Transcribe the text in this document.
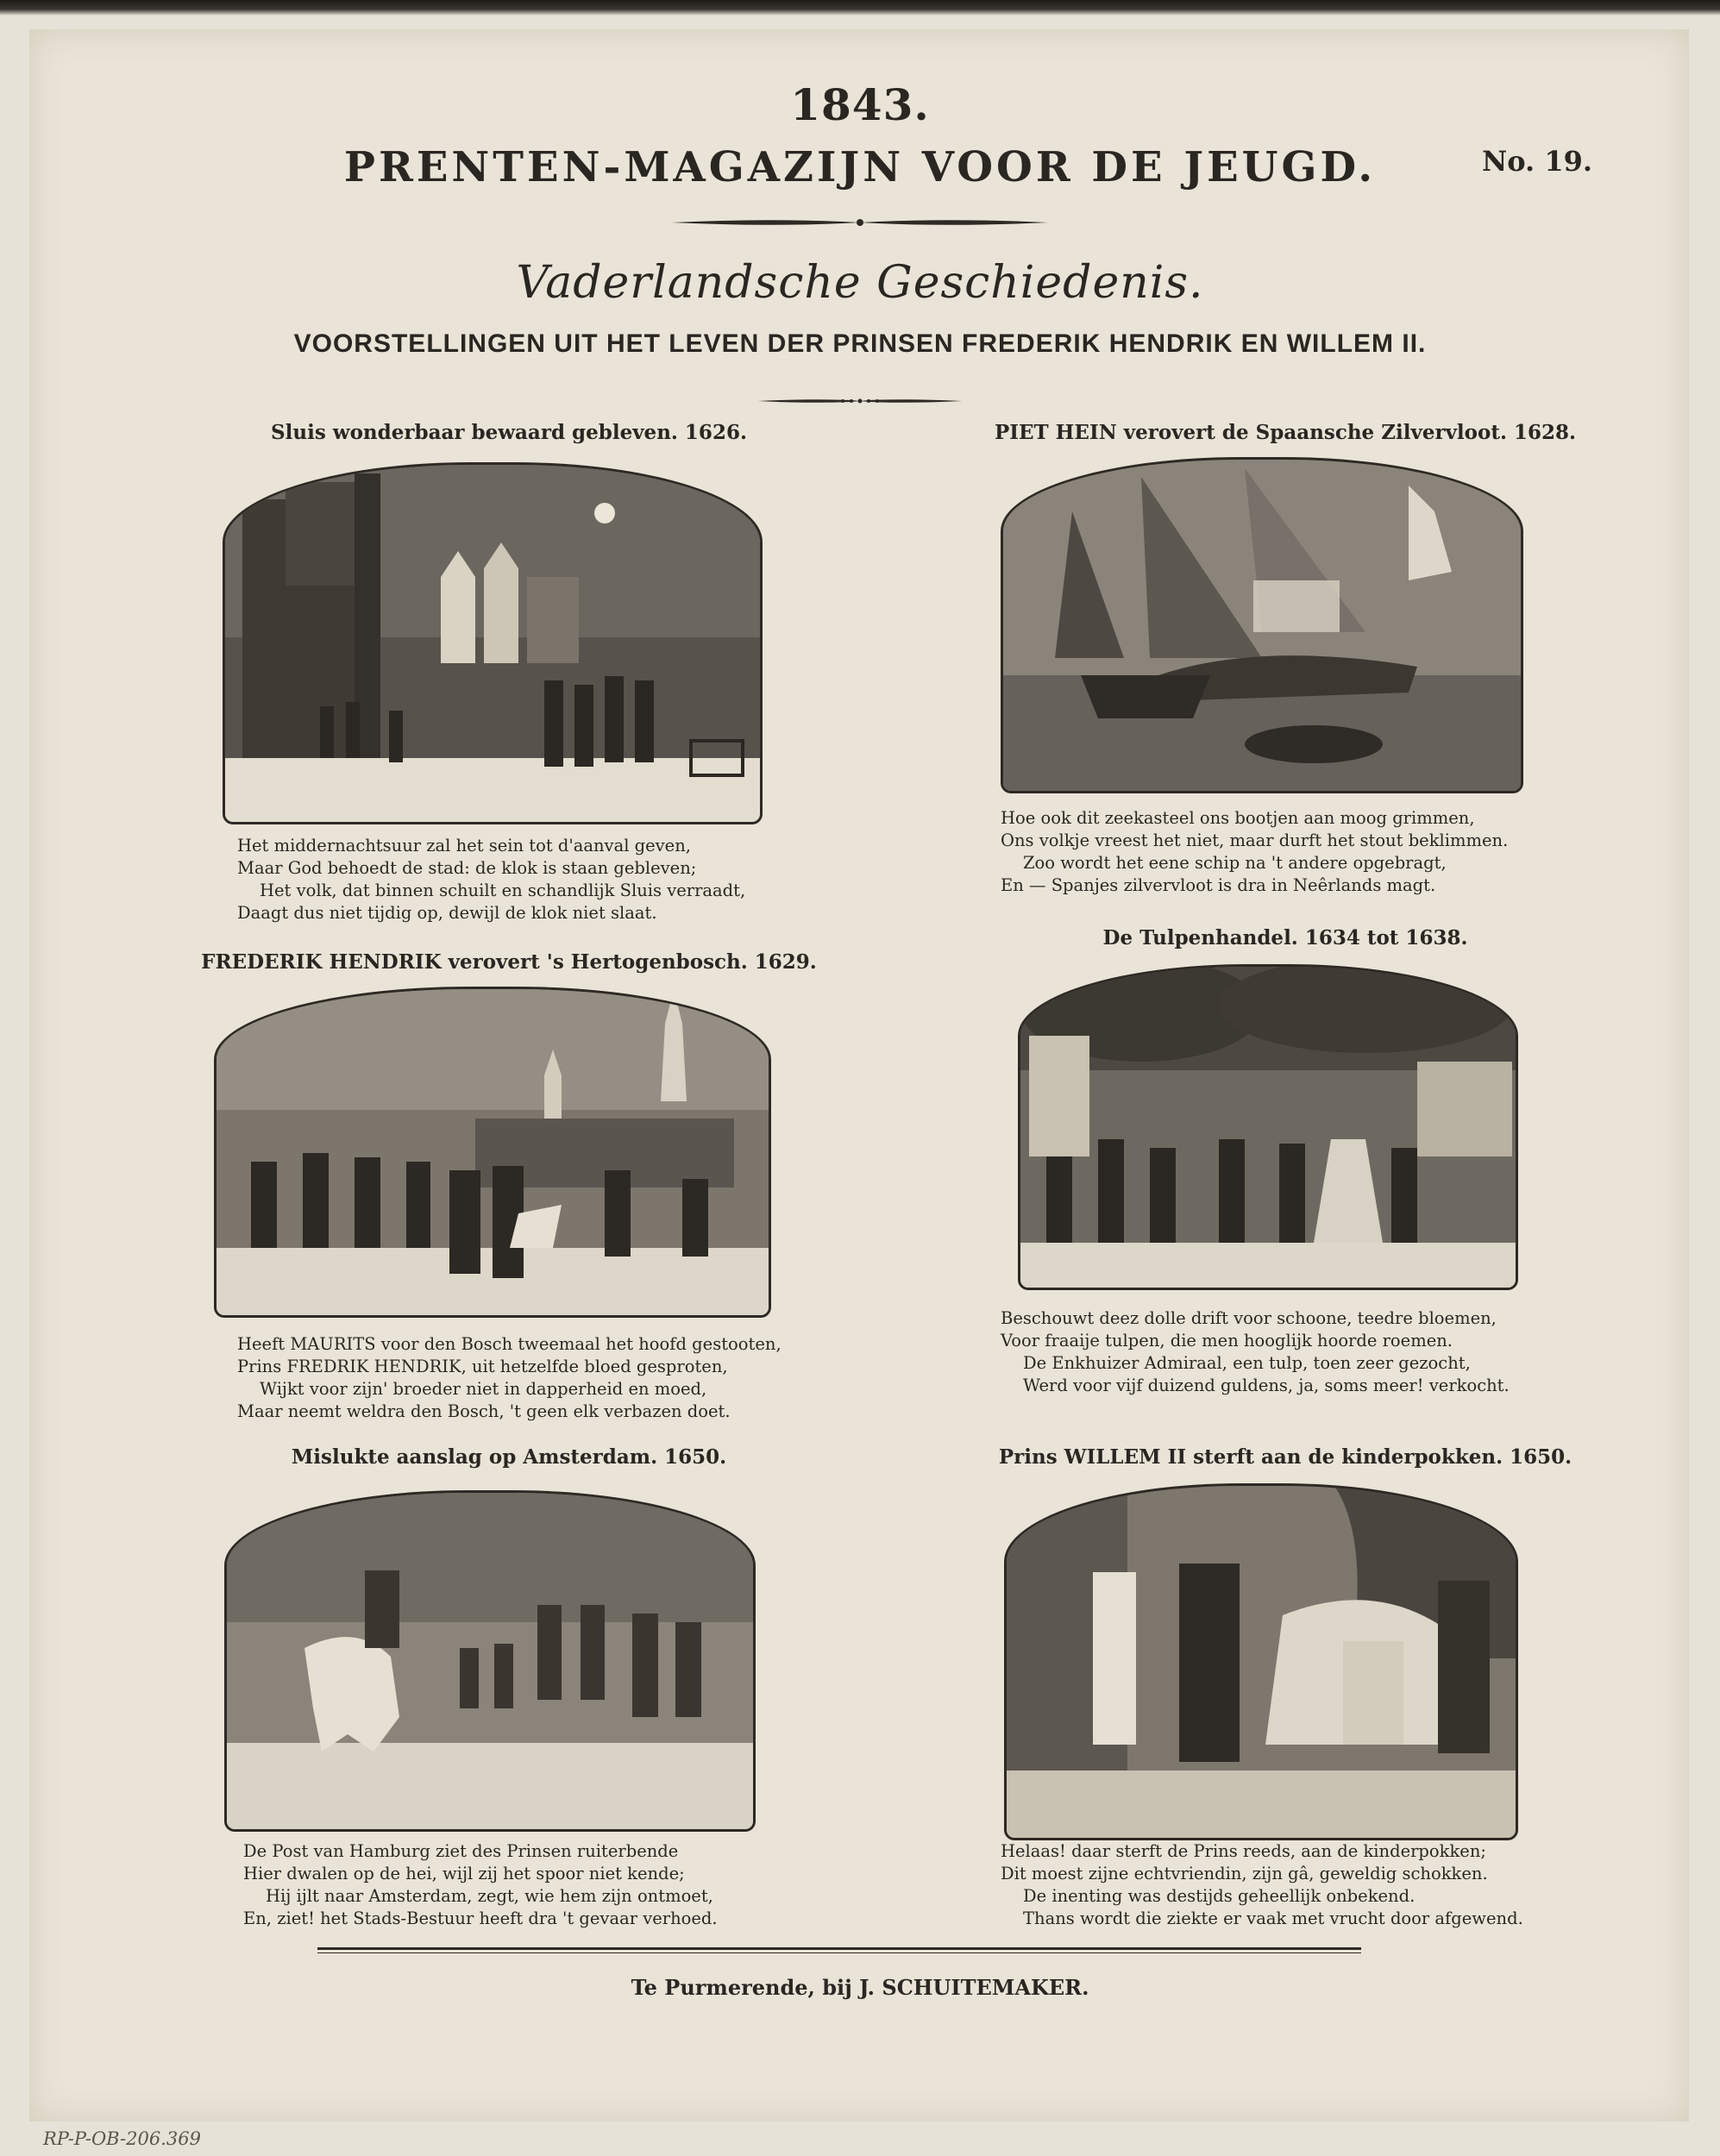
1843.
PRENTEN-MAGAZIJN VOOR DE JEUGD.	No. 19.
Vaderlandsche Geschiedenis.
VOORSTELLINGEN UIT HET LEVEN DER PRINSEN FREDERIK HENDRIK EN WILLEM II.
Sluis wonderbaar bewaard gebleven. 1626.
Het middernachtsuur zal het sein tot d'aanval geven,
Maar God behoedt de stad: de klok is staan gebleven;
Het volk, dat binnen schuilt en schandlijk Sluis verraadt,
Daagt dus niet tijdig op, dewijl de klok niet slaat.
PIET HEIN verovert de Spaansche Zilvervloot. 1628.
Hoe ook dit zeekasteel ons bootjen aan moog grimmen,
Ons volkje vreest het niet, maar durft het stout beklimmen.
Zoo wordt het eene schip na 't andere opgebragt,
En — Spanjes zilvervloot is dra in Neêrlands magt.
FREDERIK HENDRIK verovert 's Hertogenbosch. 1629.
Heeft MAURITS voor den Bosch tweemaal het hoofd gestooten,
Prins FREDRIK HENDRIK, uit hetzelfde bloed gesproten,
Wijkt voor zijn' broeder niet in dapperheid en moed,
Maar neemt weldra den Bosch, 't geen elk verbazen doet.
De Tulpenhandel. 1634 tot 1638.
Beschouwt deez dolle drift voor schoone, teedre bloemen,
Voor fraaije tulpen, die men hooglijk hoorde roemen.
De Enkhuizer Admiraal, een tulp, toen zeer gezocht,
Werd voor vijf duizend guldens, ja, soms meer! verkocht.
Mislukte aanslag op Amsterdam. 1650.
De Post van Hamburg ziet des Prinsen ruiterbende
Hier dwalen op de hei, wijl zij het spoor niet kende;
Hij ijlt naar Amsterdam, zegt, wie hem zijn ontmoet,
En, ziet! het Stads-Bestuur heeft dra 't gevaar verhoed.
Prins WILLEM II sterft aan de kinderpokken. 1650.
Helaas! daar sterft de Prins reeds, aan de kinderpokken;
Dit moest zijne echtvriendin, zijn gâ, geweldig schokken.
De inenting was destijds geheellijk onbekend.
Thans wordt die ziekte er vaak met vrucht door afgewend.
Te Purmerende, bij J. SCHUITEMAKER.
RP-P-OB-206.369
